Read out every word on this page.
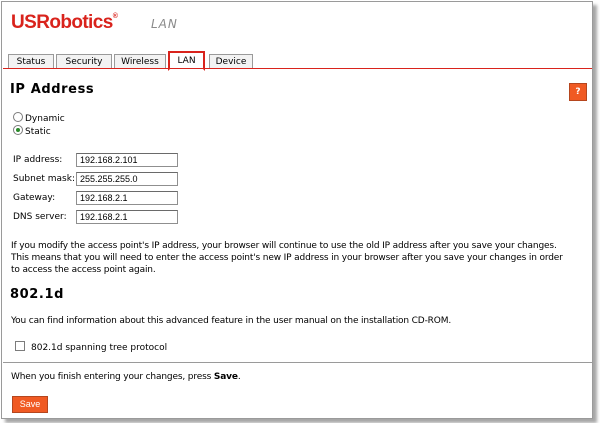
USRobotics®
LAN
Status	Security	Wireless	LAN	Device
?
IP Address
Dynamic
Static
IP address:
192.168.2.101
Subnet mask:
255.255.255.0
Gateway:
192.168.2.1
DNS server:
192.168.2.1
If you modify the access point's IP address, your browser will continue to use the old IP address after you save your changes.
This means that you will need to enter the access point's new IP address in your browser after you save your changes in order
to access the access point again.
802.1d
You can find information about this advanced feature in the user manual on the installation CD-ROM.
802.1d spanning tree protocol
When you finish entering your changes, press Save.
Save
